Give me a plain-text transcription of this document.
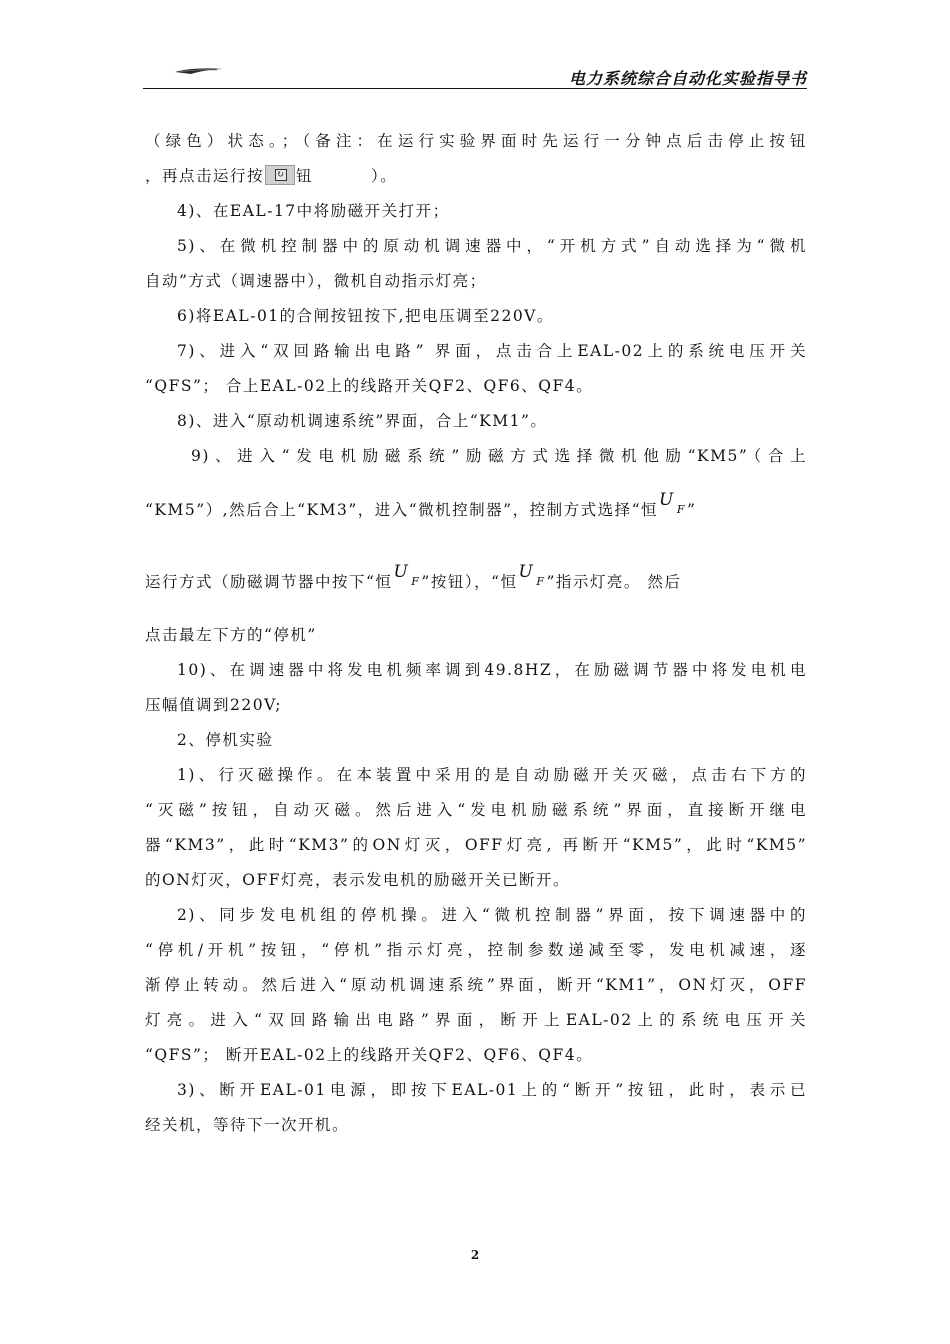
电力系统综合自动化实验指导书
（绿色）状态。；（备注：在运行实验界面时先运行一分钟点后击停止按钮
，再点击运行按 ↻ 钮	）。
4)、在EAL-17中将励磁开关打开；
5)、在微机控制器中的原动机调速器中，“开机方式”自动选择为“微机
自动”方式（调速器中），微机自动指示灯亮；
6)将EAL-01的合闸按钮按下,把电压调至220V。
7)、进入“双回路输出电路” 界面，点击合上EAL-02上的系统电压开关
“QFS”； 合上EAL-02上的线路开关QF2、QF6、QF4。
8)、进入“原动机调速系统”界面，合上“KM1”。
9)、进入“发电机励磁系统”励磁方式选择微机他励“KM5”（合上
“KM5”）,然后合上“KM3”，进入“微机控制器”，控制方式选择“恒U $_F$”
运行方式（励磁调节器中按下“恒U $_F$”按钮），“恒U $_F$”指示灯亮。 然后
点击最左下方的“停机”
10)、在调速器中将发电机频率调到49.8HZ，在励磁调节器中将发电机电
压幅值调到220V;
2、停机实验
1)、行灭磁操作。在本装置中采用的是自动励磁开关灭磁，点击右下方的
“灭磁”按钮，自动灭磁。然后进入“发电机励磁系统”界面，直接断开继电
器“KM3”，此时“KM3”的ON灯灭，OFF灯亮, 再断开“KM5”，此时“KM5”
的ON灯灭，OFF灯亮，表示发电机的励磁开关已断开。
2)、同步发电机组的停机操。进入“微机控制器”界面，按下调速器中的
“停机/开机”按钮，“停机”指示灯亮，控制参数递减至零，发电机减速，逐
渐停止转动。然后进入“原动机调速系统”界面，断开“KM1”，ON灯灭，OFF
灯亮。进入“双回路输出电路”界面，断开上EAL-02上的系统电压开关
“QFS”； 断开EAL-02上的线路开关QF2、QF6、QF4。
3)、断开EAL-01电源，即按下EAL-01上的“断开”按钮，此时，表示已
经关机，等待下一次开机。
2
